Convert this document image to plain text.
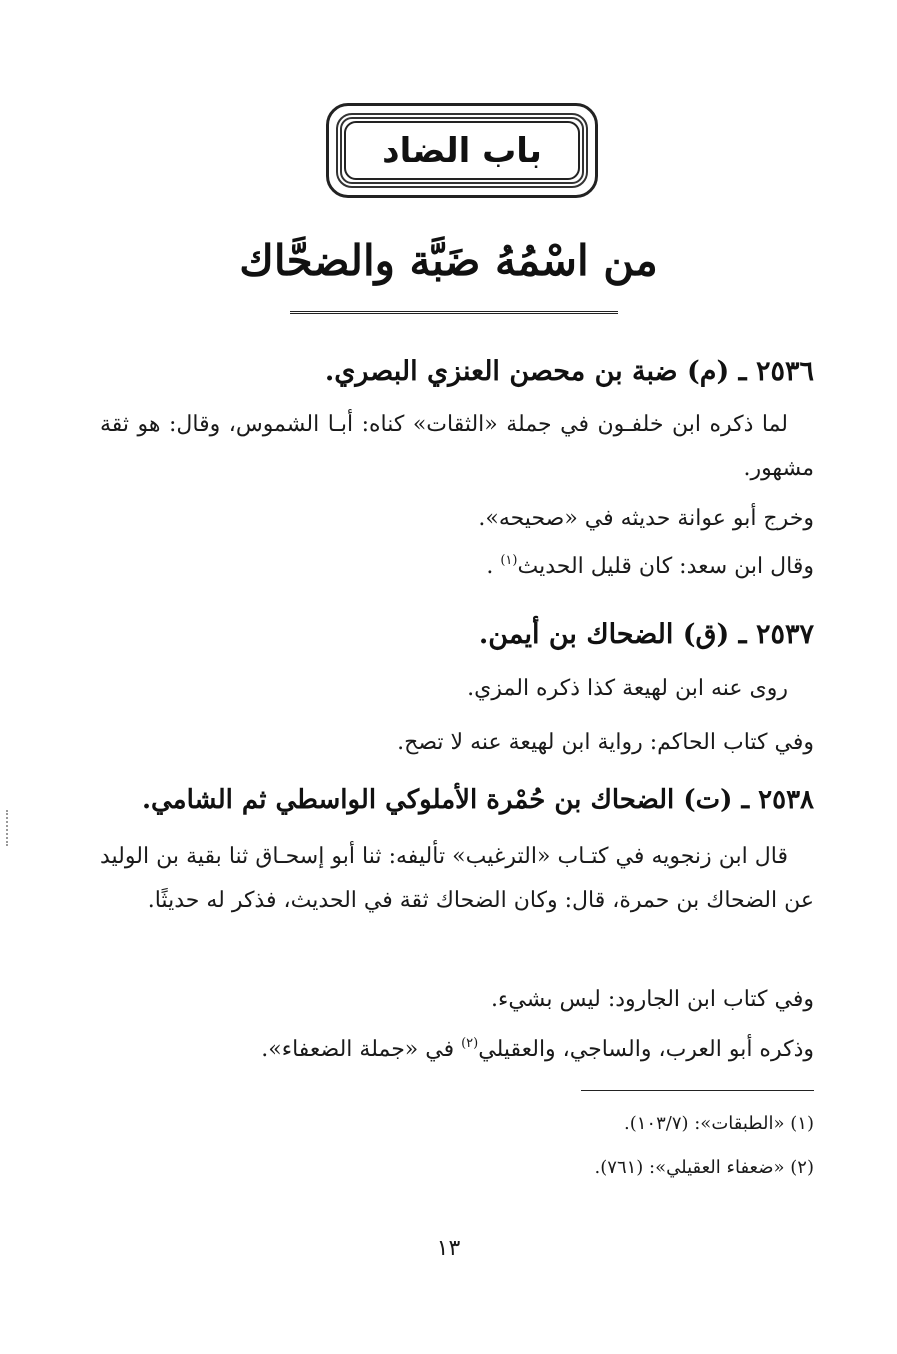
باب الضاد
من اسْمُهُ ضَبَّة والضحَّاك
٢٥٣٦ ـ (م) ضبة بن محصن العنزي البصري.
لما ذكره ابن خلفـون في جملة «الثقات» كناه: أبـا الشموس، وقال: هو ثقة مشهور.
وخرج أبو عوانة حديثه في «صحيحه».
وقال ابن سعد: كان قليل الحديث$^{(١)}$ .
٢٥٣٧ ـ (ق) الضحاك بن أيمن.
روى عنه ابن لهيعة كذا ذكره المزي.
وفي كتاب الحاكم: رواية ابن لهيعة عنه لا تصح.
٢٥٣٨ ـ (ت) الضحاك بن حُمْرة الأملوكي الواسطي ثم الشامي.
قال ابن زنجويه في كتـاب «الترغيب» تأليفه: ثنا أبو إسحـاق ثنا بقية بن الوليد عن الضحاك بن حمرة، قال: وكان الضحاك ثقة في الحديث، فذكر له حديثًا.
وفي كتاب ابن الجارود: ليس بشيء.
وذكره أبو العرب، والساجي، والعقيلي$^{(٢)}$ في «جملة الضعفاء».
(١) «الطبقات»: (١٠٣/٧).
(٢) «ضعفاء العقيلي»: (٧٦١).
١٣
